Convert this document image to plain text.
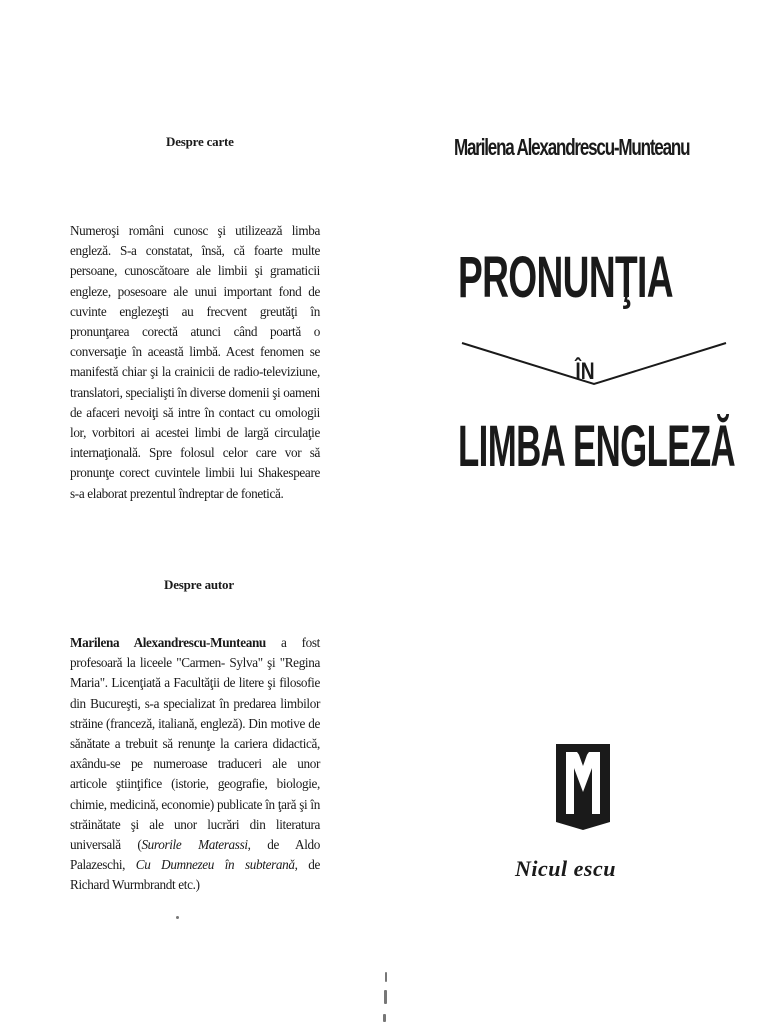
Despre carte
Numeroşi români cunosc şi utilizează limba engleză. S-a constatat, însă, că foarte multe persoane, cunoscătoare ale limbii şi gramaticii engleze, posesoare ale unui important fond de cuvinte englezeşti au frecvent greutăţi în pronunţarea corectă atunci când poartă o conversaţie în această limbă. Acest fenomen se manifestă chiar şi la crainicii de radio-televiziune, translatori, specialişti în diverse domenii şi oameni de afaceri nevoiţi să intre în contact cu omologii lor, vorbitori ai acestei limbi de largă circulaţie internaţională. Spre folosul celor care vor să pronunţe corect cuvintele limbii lui Shakespeare s-a elaborat prezentul îndreptar de fonetică.
Despre autor
Marilena Alexandrescu-Munteanu a fost profesoară la liceele "Carmen- Sylva" şi "Regina Maria". Licenţiată a Facultăţii de litere şi filosofie din Bucureşti, s-a specializat în predarea limbilor străine (franceză, italiană, engleză). Din motive de sănătate a trebuit să renunţe la cariera didactică, axându-se pe numeroase traduceri ale unor articole ştiinţifice (istorie, geografie, biologie, chimie, medicină, economie) publicate în ţară şi în străinătate şi ale unor lucrări din literatura universală (Surorile Materassi, de Aldo Palazeschi, Cu Dumnezeu în subteranǎ, de Richard Wurmbrandt etc.)
Marilena Alexandrescu-Munteanu
PRONUNŢIA
ÎN
LIMBA ENGLEZĂ
Nicul escu
